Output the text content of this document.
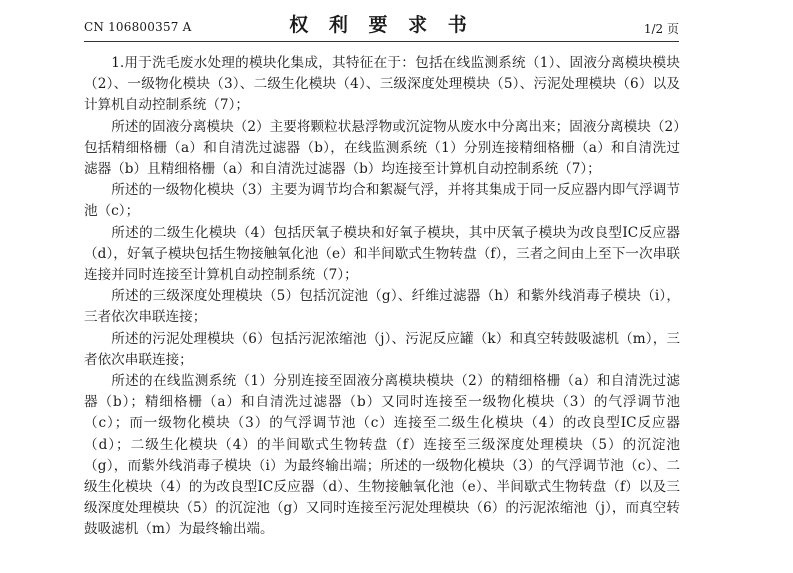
CN 106800357 A	权 利 要 求 书	1/2 页

1.用于洗毛废水处理的模块化集成，其特征在于：包括在线监测系统（1）、固液分离模块模块（2）、一级物化模块（3）、二级生化模块（4）、三级深度处理模块（5）、污泥处理模块（6）以及计算机自动控制系统（7）；

所述的固液分离模块（2）主要将颗粒状悬浮物或沉淀物从废水中分离出来；固液分离模块（2）包括精细格栅（a）和自清洗过滤器（b），在线监测系统（1）分别连接精细格栅（a）和自清洗过滤器（b）且精细格栅（a）和自清洗过滤器（b）均连接至计算机自动控制系统（7）；

所述的一级物化模块（3）主要为调节均合和絮凝气浮，并将其集成于同一反应器内即气浮调节池（c）；

所述的二级生化模块（4）包括厌氧子模块和好氧子模块，其中厌氧子模块为改良型IC反应器（d），好氧子模块包括生物接触氧化池（e）和半间歇式生物转盘（f），三者之间由上至下一次串联连接并同时连接至计算机自动控制系统（7）；

所述的三级深度处理模块（5）包括沉淀池（g）、纤维过滤器（h）和紫外线消毒子模块（i），三者依次串联连接；

所述的污泥处理模块（6）包括污泥浓缩池（j）、污泥反应罐（k）和真空转鼓吸滤机（m），三者依次串联连接；

所述的在线监测系统（1）分别连接至固液分离模块模块（2）的精细格栅（a）和自清洗过滤器（b）；精细格栅（a）和自清洗过滤器（b）又同时连接至一级物化模块（3）的气浮调节池（c）；而一级物化模块（3）的气浮调节池（c）连接至二级生化模块（4）的改良型IC反应器（d）；二级生化模块（4）的半间歇式生物转盘（f）连接至三级深度处理模块（5）的沉淀池（g），而紫外线消毒子模块（i）为最终输出端；所述的一级物化模块（3）的气浮调节池（c）、二级生化模块（4）的为改良型IC反应器（d）、生物接触氧化池（e）、半间歇式生物转盘（f）以及三级深度处理模块（5）的沉淀池（g）又同时连接至污泥处理模块（6）的污泥浓缩池（j），而真空转鼓吸滤机（m）为最终输出端。
